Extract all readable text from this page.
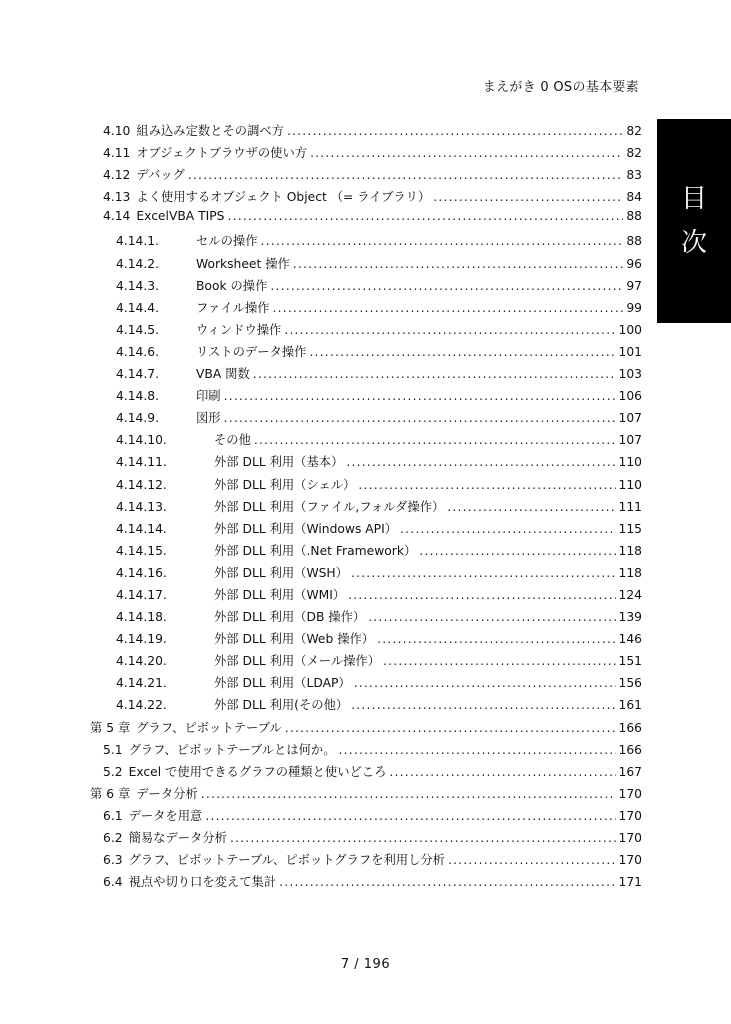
まえがき 0 OSの基本要素
4.10 組み込み定数とその調べ方 .....	82
4.11 オブジェクトブラウザの使い方 .....	82
4.12 デバッグ .....	83
4.13 よく使用するオブジェクト Object （= ライブラリ） .....	84
4.14 ExcelVBA TIPS .....	88
4.14.1.	セルの操作 .....	88
4.14.2.	Worksheet 操作 .....	96
4.14.3.	Book の操作 .....	97
4.14.4.	ファイル操作 .....	99
4.14.5.	ウィンドウ操作 .....	100
4.14.6.	リストのデータ操作 .....	101
4.14.7.	VBA 関数 .....	103
4.14.8.	印刷 .....	106
4.14.9.	図形 .....	107
4.14.10.	その他 .....	107
4.14.11.	外部 DLL 利用（基本） .....	110
4.14.12.	外部 DLL 利用（シェル） .....	110
4.14.13.	外部 DLL 利用（ファイル,フォルダ操作） .....	111
4.14.14.	外部 DLL 利用（Windows API） .....	115
4.14.15.	外部 DLL 利用（.Net Framework） .....	118
4.14.16.	外部 DLL 利用（WSH） .....	118
4.14.17.	外部 DLL 利用（WMI） .....	124
4.14.18.	外部 DLL 利用（DB 操作） .....	139
4.14.19.	外部 DLL 利用（Web 操作） .....	146
4.14.20.	外部 DLL 利用（メール操作） .....	151
4.14.21.	外部 DLL 利用（LDAP） .....	156
4.14.22.	外部 DLL 利用(その他） .....	161
第 5 章 グラフ、ピボットテーブル .....	166
5.1 グラフ、ピボットテーブルとは何か。 .....	166
5.2 Excel で使用できるグラフの種類と使いどころ .....	167
第 6 章 データ分析 .....	170
6.1 データを用意 .....	170
6.2 簡易なデータ分析 .....	170
6.3 グラフ、ピボットテーブル、ピボットグラフを利用し分析 .....	170
6.4 視点や切り口を変えて集計 .....	171
目
次
7 / 196
